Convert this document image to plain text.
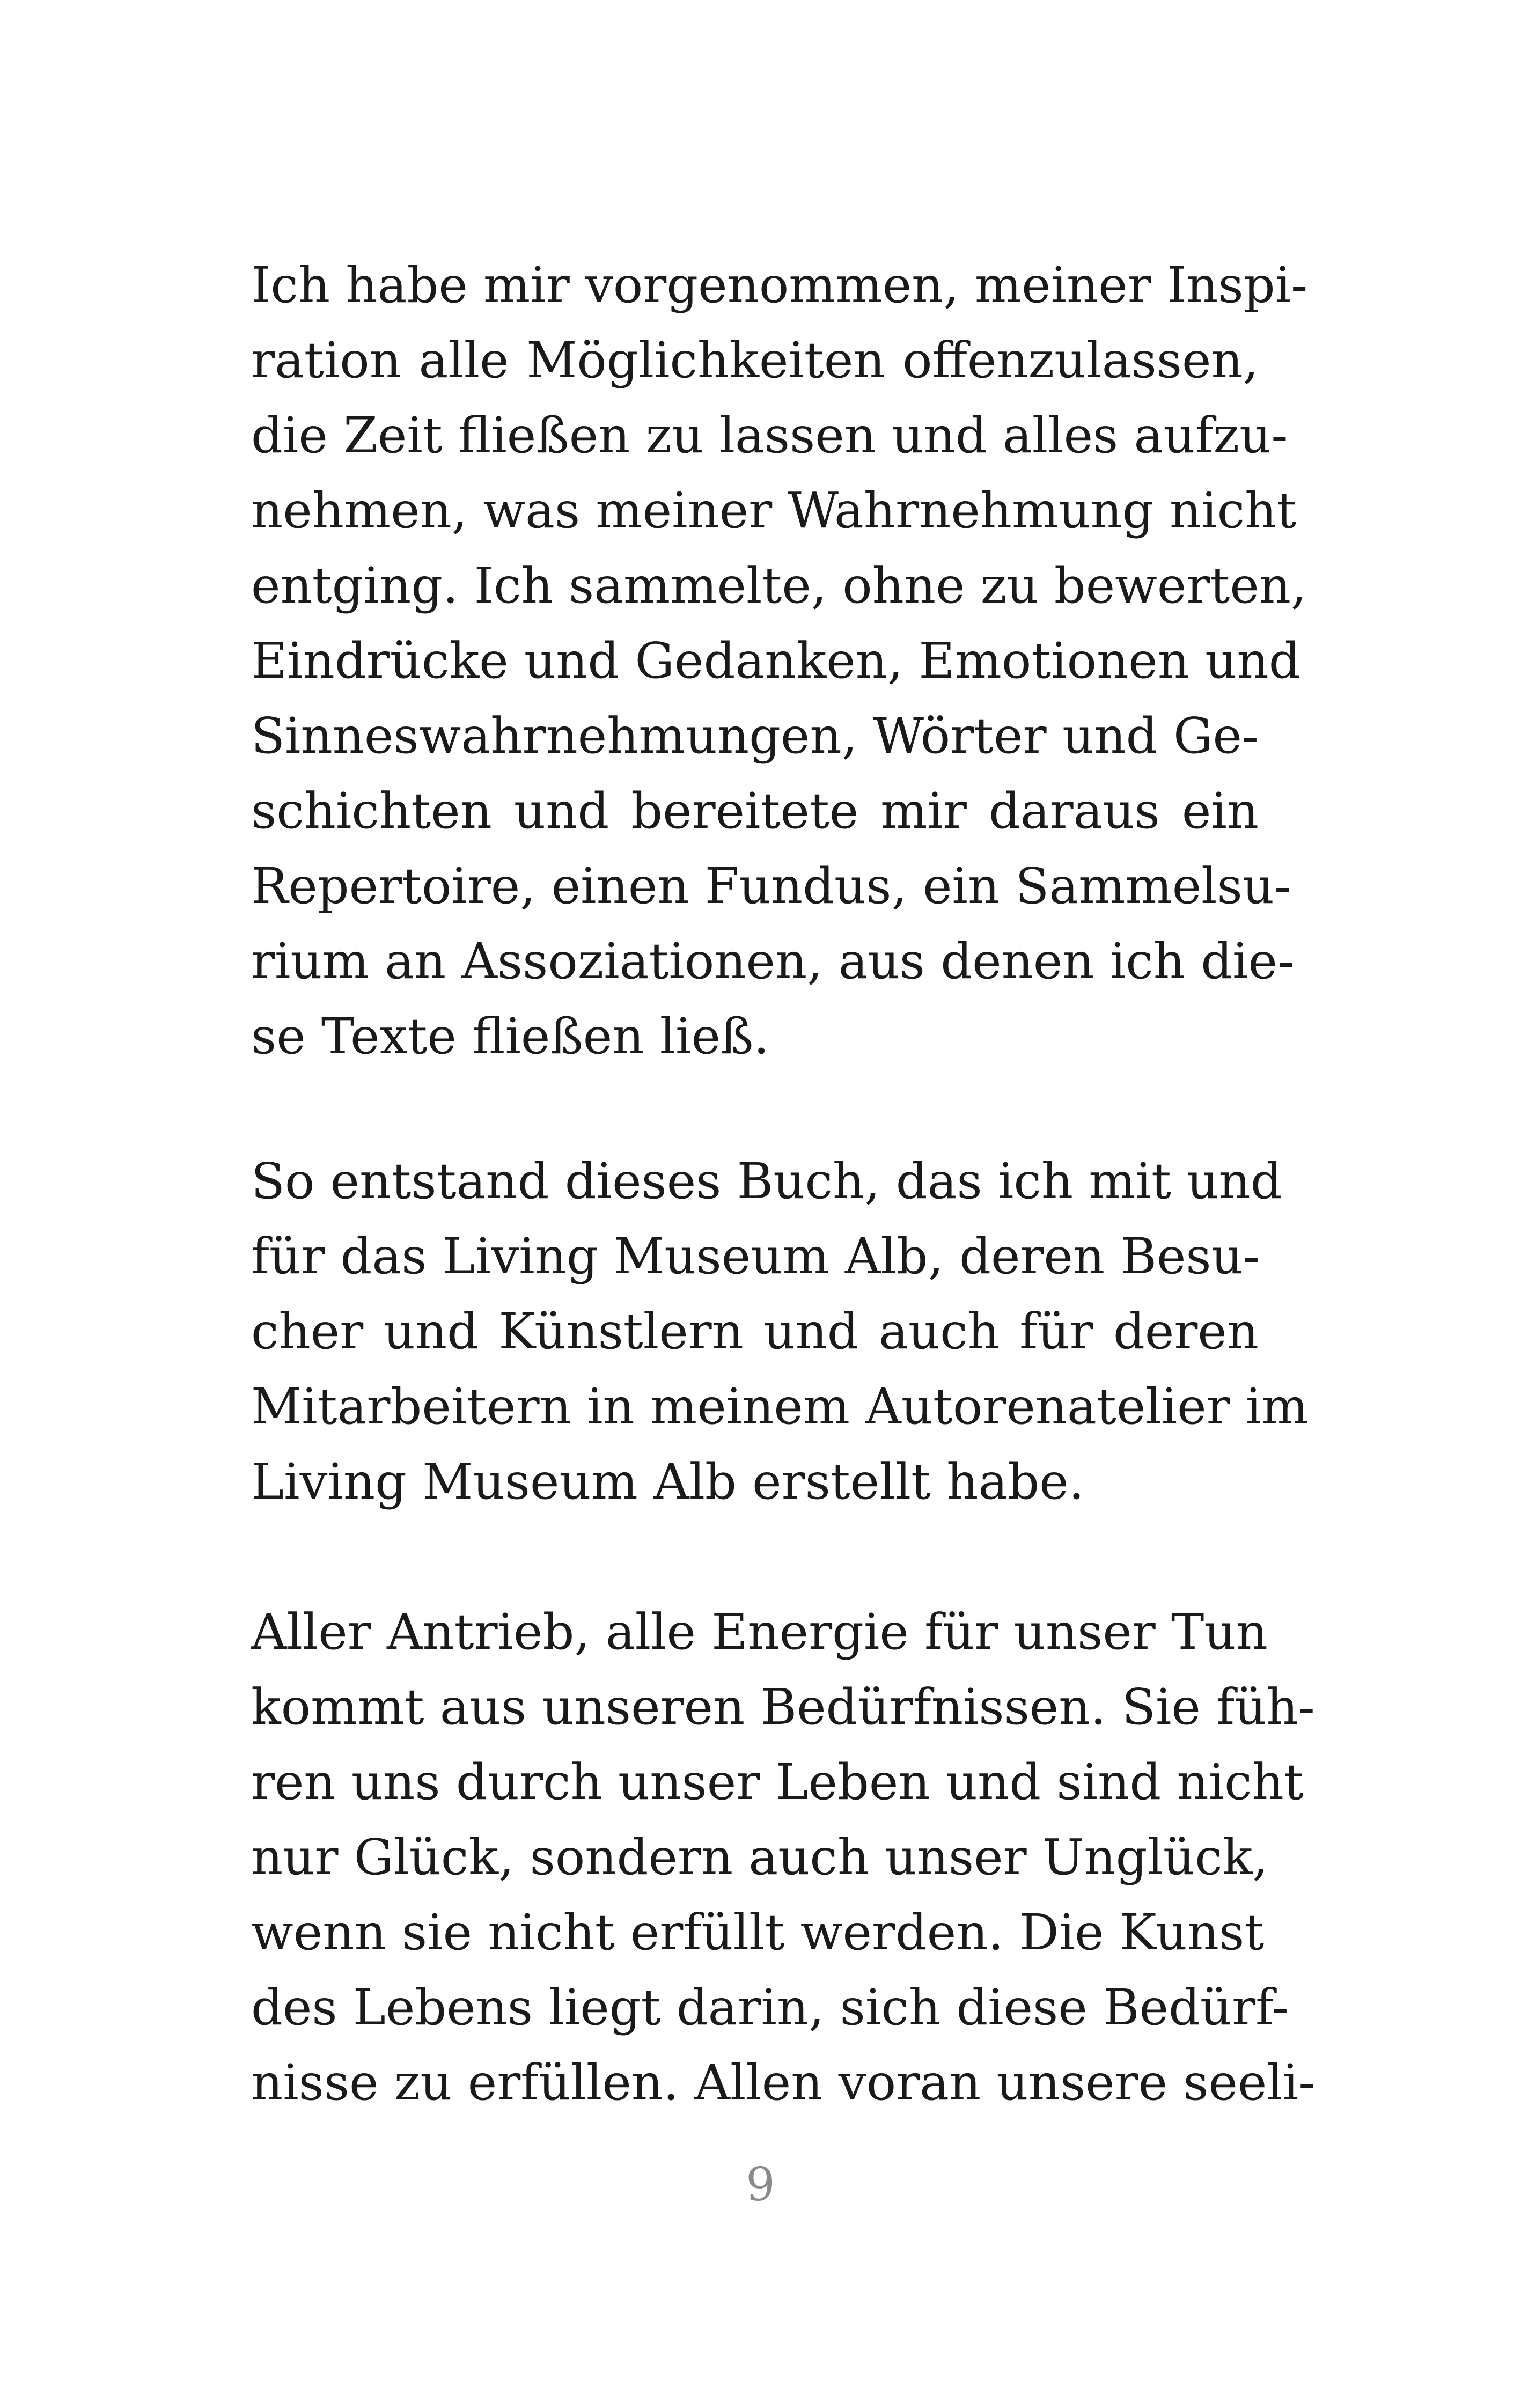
Ich habe mir vorgenommen, meiner Inspi-
ration alle Möglichkeiten offenzulassen,
die Zeit fließen zu lassen und alles aufzu-
nehmen, was meiner Wahrnehmung nicht
entging. Ich sammelte, ohne zu bewerten,
Eindrücke und Gedanken, Emotionen und
Sinneswahrnehmungen, Wörter und Ge-
schichten und bereitete mir daraus ein
Repertoire, einen Fundus, ein Sammelsu-
rium an Assoziationen, aus denen ich die-
se Texte fließen ließ.
So entstand dieses Buch, das ich mit und
für das Living Museum Alb, deren Besu-
cher und Künstlern und auch für deren
Mitarbeitern in meinem Autorenatelier im
Living Museum Alb erstellt habe.
Aller Antrieb, alle Energie für unser Tun
kommt aus unseren Bedürfnissen. Sie füh-
ren uns durch unser Leben und sind nicht
nur Glück, sondern auch unser Unglück,
wenn sie nicht erfüllt werden. Die Kunst
des Lebens liegt darin, sich diese Bedürf-
nisse zu erfüllen. Allen voran unsere seeli-
9
